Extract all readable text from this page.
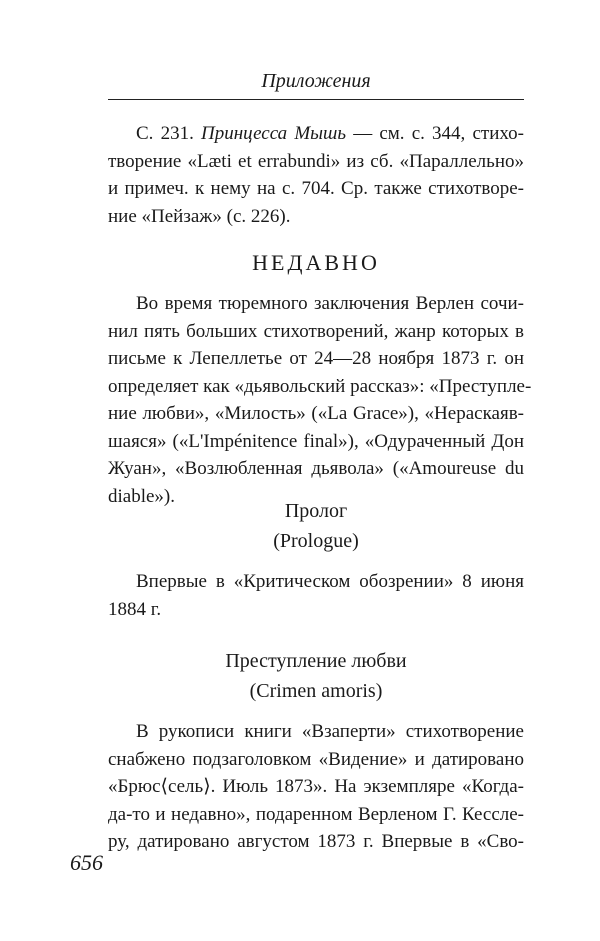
Приложения
С. 231. Принцесса Мышь — см. с. 344, стихо-
творение «Læti et errabundi» из сб. «Параллельно»
и примеч. к нему на с. 704. Ср. также стихотворе-
ние «Пейзаж» (с. 226).
НЕДАВНО
Во время тюремного заключения Верлен сочи-
нил пять больших стихотворений, жанр которых в
письме к Лепеллетье от 24—28 ноября 1873 г. он
определяет как «дьявольский рассказ»: «Преступле-
ние любви», «Милость» («La Grace»), «Нераскаяв-
шаяся» («L'Impénitence final»), «Одураченный Дон
Жуан», «Возлюбленная дьявола» («Amoureuse du
diable»).
Пролог
(Prologue)
Впервые в «Критическом обозрении» 8 июня
1884 г.
Преступление любви
(Crimen amoris)
В рукописи книги «Взаперти» стихотворение
снабжено подзаголовком «Видение» и датировано
«Брюс⟨сель⟩. Июль 1873». На экземпляре «Когда-
да-то и недавно», подаренном Верленом Г. Кессле-
ру, датировано августом 1873 г. Впервые в «Сво-
656
